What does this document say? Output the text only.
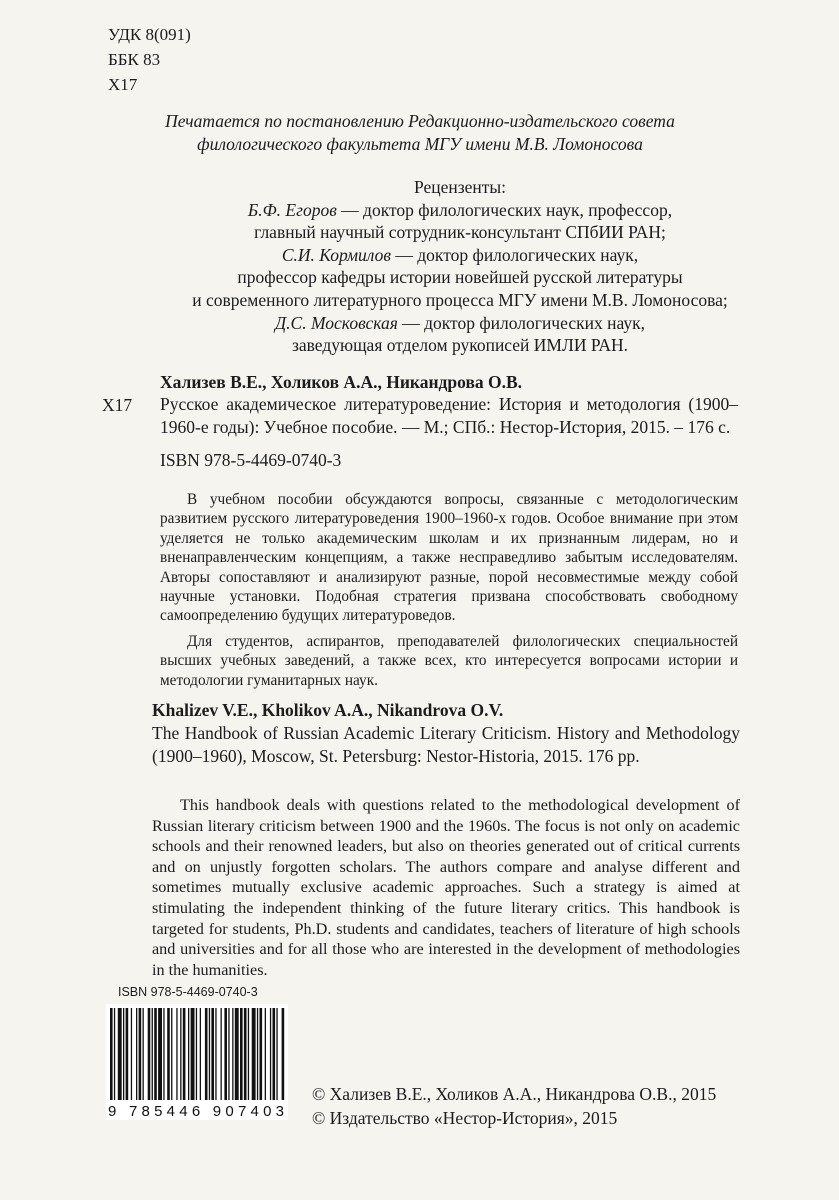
УДК 8(091)
ББК 83
Х17
Печатается по постановлению Редакционно-издательского совета
филологического факультета МГУ имени М.В. Ломоносова
Рецензенты:
Б.Ф. Егоров — доктор филологических наук, профессор,
главный научный сотрудник-консультант СПбИИ РАН;
С.И. Кормилов — доктор филологических наук,
профессор кафедры истории новейшей русской литературы
и современного литературного процесса МГУ имени М.В. Ломоносова;
Д.С. Московская — доктор филологических наук,
заведующая отделом рукописей ИМЛИ РАН.
Хализев В.Е., Холиков А.А., Никандрова О.В.
Х17 Русское академическое литературоведение: История и методология (1900–1960-е годы): Учебное пособие. — М.; СПб.: Нестор-История, 2015. – 176 с.
ISBN 978-5-4469-0740-3

В учебном пособии обсуждаются вопросы, связанные с методологическим развитием русского литературоведения 1900–1960-х годов. Особое внимание при этом уделяется не только академическим школам и их признанным лидерам, но и вненаправленческим концепциям, а также несправедливо забытым исследователям. Авторы сопоставляют и анализируют разные, порой несовместимые между собой научные установки. Подобная стратегия призвана способствовать свободному самоопределению будущих литературоведов.

Для студентов, аспирантов, преподавателей филологических специальностей высших учебных заведений, а также всех, кто интересуется вопросами истории и методологии гуманитарных наук.

Khalizev V.E., Kholikov A.A., Nikandrova O.V.
The Handbook of Russian Academic Literary Criticism. History and Methodology (1900–1960), Moscow, St. Petersburg: Nestor-Historia, 2015. 176 pp.
This handbook deals with questions related to the methodological development of Russian literary criticism between 1900 and the 1960s. The focus is not only on academic schools and their renowned leaders, but also on theories generated out of critical currents and on unjustly forgotten scholars. The authors compare and analyse different and sometimes mutually exclusive academic approaches. Such a strategy is aimed at stimulating the independent thinking of the future literary critics. This handbook is targeted for students, Ph.D. students and candidates, teachers of literature of high schools and universities and for all those who are interested in the development of methodologies in the humanities.
ISBN 978-5-4469-0740-3
9 785446 907403
© Хализев В.Е., Холиков А.А., Никандрова О.В., 2015
© Издательство «Нестор-История», 2015
